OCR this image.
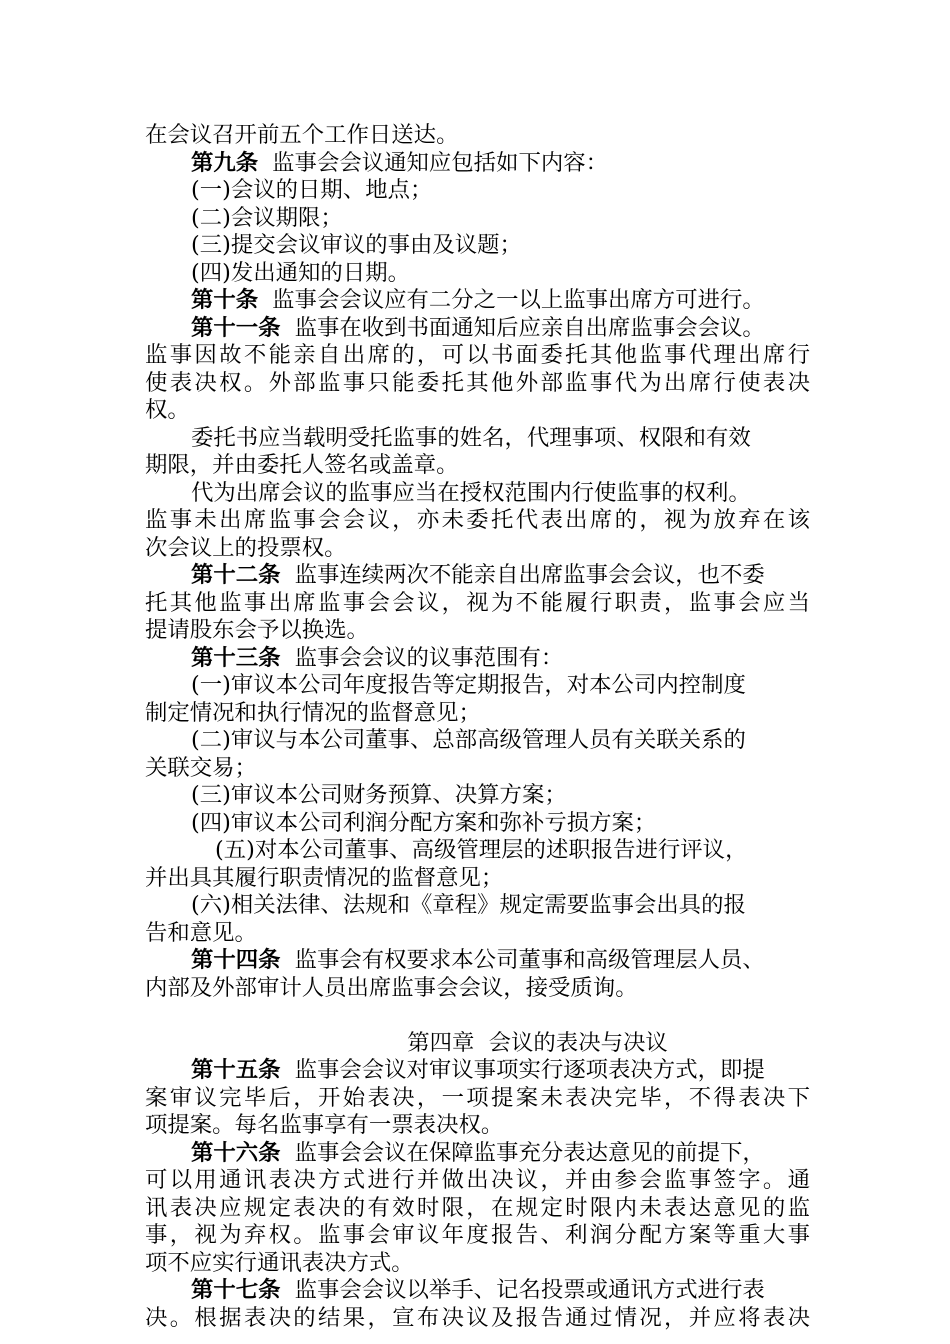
在会议召开前五个工作日送达。
第九条 监事会会议通知应包括如下内容：
(一)会议的日期、地点；
(二)会议期限；
(三)提交会议审议的事由及议题；
(四)发出通知的日期。
第十条 监事会会议应有二分之一以上监事出席方可进行。
第十一条 监事在收到书面通知后应亲自出席监事会会议。
监事因故不能亲自出席的，可以书面委托其他监事代理出席行
使表决权。外部监事只能委托其他外部监事代为出席行使表决
权。
委托书应当载明受托监事的姓名，代理事项、权限和有效
期限，并由委托人签名或盖章。
代为出席会议的监事应当在授权范围内行使监事的权利。
监事未出席监事会会议，亦未委托代表出席的，视为放弃在该
次会议上的投票权。
第十二条 监事连续两次不能亲自出席监事会会议，也不委
托其他监事出席监事会会议，视为不能履行职责，监事会应当
提请股东会予以换选。
第十三条 监事会会议的议事范围有：
(一)审议本公司年度报告等定期报告，对本公司内控制度
制定情况和执行情况的监督意见；
(二)审议与本公司董事、总部高级管理人员有关联关系的
关联交易；
(三)审议本公司财务预算、决算方案；
(四)审议本公司利润分配方案和弥补亏损方案；
(五)对本公司董事、高级管理层的述职报告进行评议，
并出具其履行职责情况的监督意见；
(六)相关法律、法规和《章程》规定需要监事会出具的报
告和意见。
第十四条 监事会有权要求本公司董事和高级管理层人员、
内部及外部审计人员出席监事会会议，接受质询。
第四章  会议的表决与决议
第十五条 监事会会议对审议事项实行逐项表决方式，即提
案审议完毕后，开始表决，一项提案未表决完毕，不得表决下
项提案。每名监事享有一票表决权。
第十六条 监事会会议在保障监事充分表达意见的前提下，
可以用通讯表决方式进行并做出决议，并由参会监事签字。通
讯表决应规定表决的有效时限，在规定时限内未表达意见的监
事，视为弃权。监事会审议年度报告、利润分配方案等重大事
项不应实行通讯表决方式。
第十七条 监事会会议以举手、记名投票或通讯方式进行表
决。根据表决的结果，宣布决议及报告通过情况，并应将表决
